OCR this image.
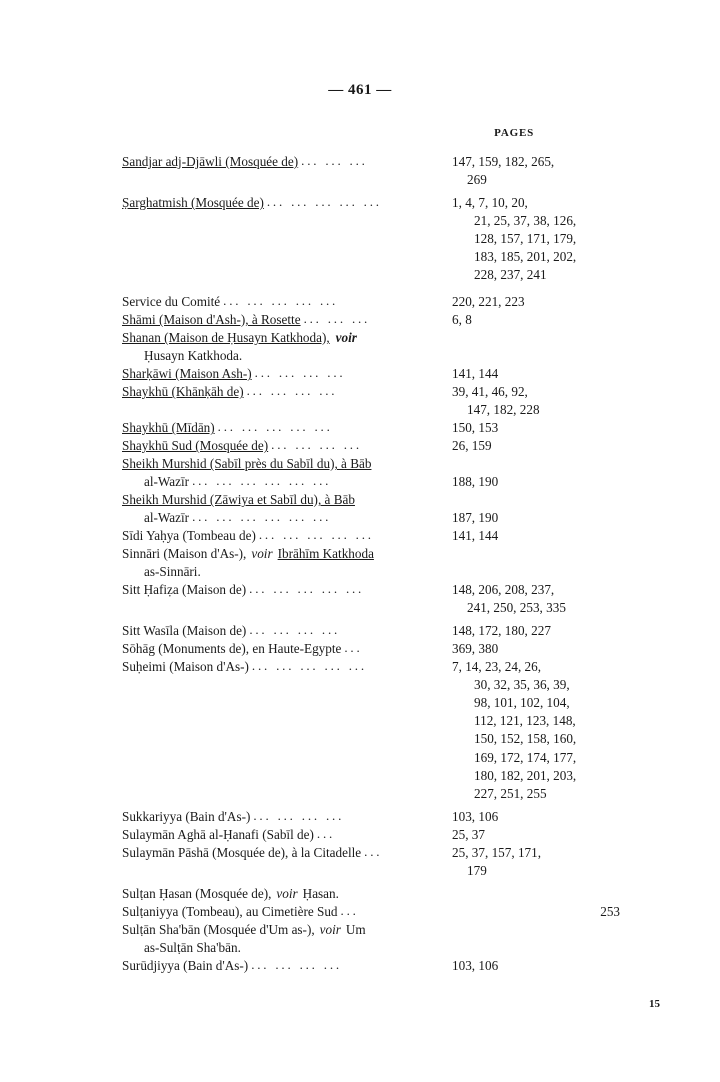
— 461 —
PAGES
Sandjar adj-Djāwli (Mosquée de) ... ... ...	147, 159, 182, 265,
269
Ṣarghatmish (Mosquée de) ... ... ... ... ...	1, 4, 7, 10, 20,
21, 25, 37, 38, 126,
128, 157, 171, 179,
183, 185, 201, 202,
228, 237, 241
Service du Comité ... ... ... ... ...	220, 221, 223
Shāmi (Maison d'Ash-), à Rosette ... ... ...	6, 8
Shanan (Maison de Ḥusayn Katkhoda), voir
Ḥusayn Katkhoda.
Sharḳāwi (Maison Ash-) ... ... ... ...	141, 144
Shaykhū (Khānḳāh de) ... ... ... ...	39, 41, 46, 92,
147, 182, 228
Shaykhū (Mīdān) ... ... ... ... ...	150, 153
Shaykhū Sud (Mosquée de) ... ... ... ...	26, 159
Sheikh Murshid (Sabīl près du Sabīl du), à Bāb
al-Wazīr ... ... ... ... ... ...	188, 190
Sheikh Murshid (Zāwiya et Sabīl du), à Bāb
al-Wazīr ... ... ... ... ... ...	187, 190
Sīdi Yaḥya (Tombeau de) ... ... ... ... ...	141, 144
Sinnāri (Maison d'As-), voir Ibrāhīm Katkhoda
as-Sinnāri.
Sitt Ḥafiẓa (Maison de) ... ... ... ... ...	148, 206, 208, 237,
241, 250, 253, 335
Sitt Wasīla (Maison de) ... ... ... ...	148, 172, 180, 227
Sōhāg (Monuments de), en Haute-Egypte ...	369, 380
Suḥeimi (Maison d'As-) ... ... ... ... ...	7, 14, 23, 24, 26,
30, 32, 35, 36, 39,
98, 101, 102, 104,
112, 121, 123, 148,
150, 152, 158, 160,
169, 172, 174, 177,
180, 182, 201, 203,
227, 251, 255
Sukkariyya (Bain d'As-) ... ... ... ...	103, 106
Sulaymān Aghā al-Ḥanafi (Sabīl de) ...	25, 37
Sulaymān Pāshā (Mosquée de), à la Citadelle ...	25, 37, 157, 171,
179
Sulṭan Ḥasan (Mosquée de), voir Ḥasan.
Sulṭaniyya (Tombeau), au Cimetière Sud ...	253
Sulṭān Sha'bān (Mosquée d'Um as-), voir Um
as-Sulṭān Sha'bān.
Surūdjiyya (Bain d'As-) ... ... ... ...	103, 106
15
